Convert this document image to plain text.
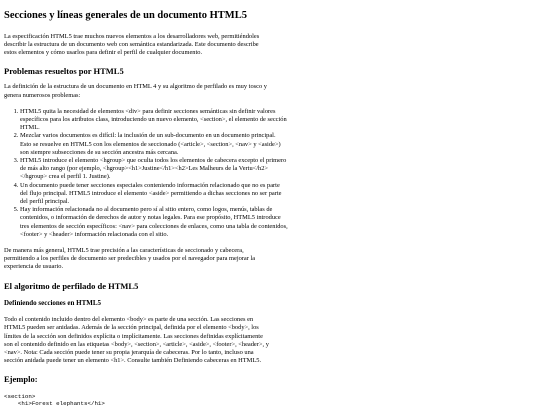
Secciones y líneas generales de un documento HTML5

La especificación HTML5 trae muchos nuevos elementos a los desarrolladores web, permitiéndoles describir la estructura de un documento web con semántica estandarizada. Este documento describe estos elementos y cómo usarlos para definir el perfil de cualquier documento.

Problemas resueltos por HTML5

La definición de la estructura de un documento en HTML 4 y su algoritmo de perfilado es muy tosco y genera numerosos problemas:

1. HTML5 quita la necesidad de elementos <div> para definir secciones semánticas sin definir valores específicos para los atributos class, introduciendo un nuevo elemento, <section>, el elemento de sección HTML.
2. Mezclar varios documentos es difícil: la inclusión de un sub-documento en un documento principal. Esto se resuelve en HTML5 con los elementos de seccionado (<article>, <section>, <nav> y <aside>) son siempre subsecciones de su sección ancestra más cercana.
3. HTML5 introduce el elemento <hgroup> que oculta todos los elementos de cabecera excepto el primero de más alto rango (por ejemplo, <hgroup><h1>Justine</h1><h2>Les Malheurs de la Vertu</h2></hgroup> crea el perfil 1. Justine).
4. Un documento puede tener secciones especiales conteniendo información relacionado que no es parte del flujo principal. HTML5 introduce el elemento <aside> permitiendo a dichas secciones no ser parte del perfil principal.
5. Hay información relacionada no al documento pero sí al sitio entero, como logos, menús, tablas de contenidos, o información de derechos de autor y notas legales. Para ese propósito, HTML5 introduce tres elementos de sección específicos: <nav> para colecciones de enlaces, como una tabla de contenidos, <footer> y <header> información relacionada con el sitio.

De manera más general, HTML5 trae precisión a las características de seccionado y cabecera, permitiendo a los perfiles de documento ser predecibles y usados por el navegador para mejorar la experiencia de usuario.

El algoritmo de perfilado de HTML5
Definiendo secciones en HTML5

Todo el contenido incluido dentro del elemento <body> es parte de una sección. Las secciones en HTML5 pueden ser anidadas. Además de la sección principal, definida por el elemento <body>, los límites de la sección son definidos explícita o implícitamente. Las secciones definidas explícitamente son el contenido definido en las etiquetas <body>, <section>, <article>, <aside>, <footer>, <header>, y <nav>. Nota: Cada sección puede tener su propia jerarquía de cabeceras. Por lo tanto, incluso una sección anidada puede tener un elemento <h1>. Consulte también Definiendo cabeceras en HTML5.

Ejemplo:
<section>
<h1>Forest elephants</h1>
